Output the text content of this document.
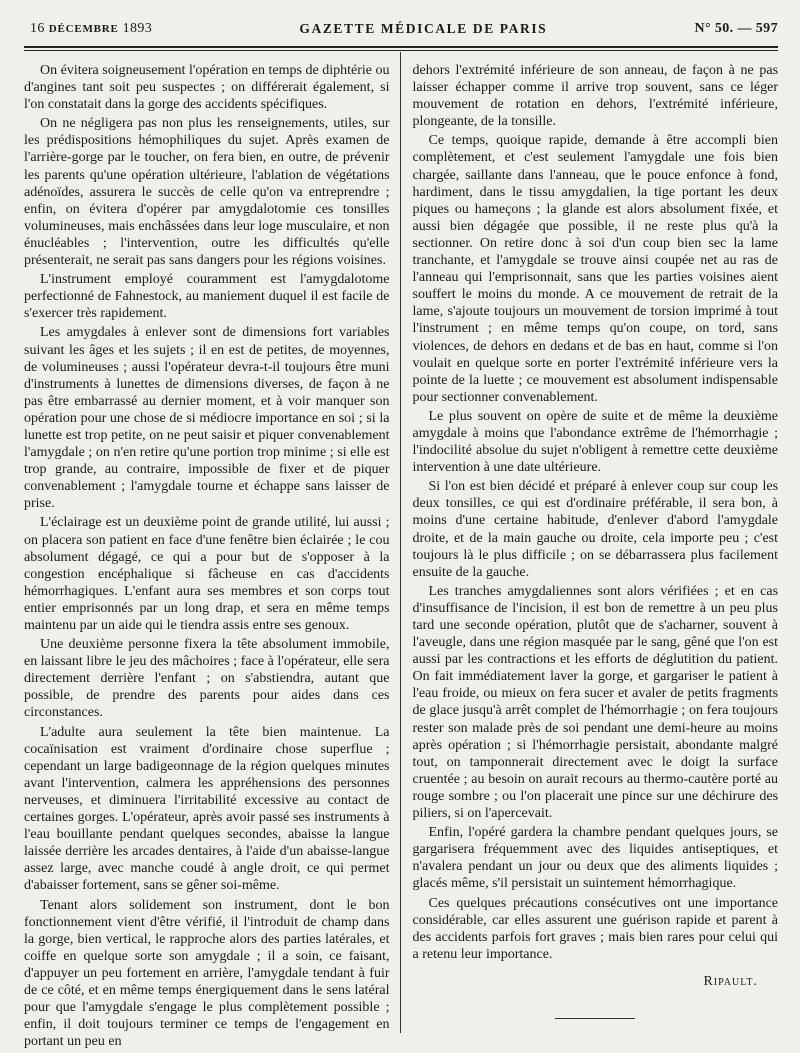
16 DÉCEMBRE 1893	GAZETTE MÉDICALE DE PARIS	N° 50. — 597

On évitera soigneusement l'opération en temps de diphtérie ou d'angines tant soit peu suspectes ; on différerait également, si l'on constatait dans la gorge des accidents spécifiques.

On ne négligera pas non plus les renseignements, utiles, sur les prédispositions hémophiliques du sujet. Après examen de l'arrière-gorge par le toucher, on fera bien, en outre, de prévenir les parents qu'une opération ultérieure, l'ablation de végétations adénoïdes, assurera le succès de celle qu'on va entreprendre ; enfin, on évitera d'opérer par amygdalotomie ces tonsilles volumineuses, mais enchâssées dans leur loge musculaire, et non énucléables ; l'intervention, outre les difficultés qu'elle présenterait, ne serait pas sans dangers pour les régions voisines.

L'instrument employé couramment est l'amygdalotome perfectionné de Fahnestock, au maniement duquel il est facile de s'exercer très rapidement.

Les amygdales à enlever sont de dimensions fort variables suivant les âges et les sujets ; il en est de petites, de moyennes, de volumineuses ; aussi l'opérateur devra-t-il toujours être muni d'instruments à lunettes de dimensions diverses, de façon à ne pas être embarrassé au dernier moment, et à voir manquer son opération pour une chose de si médiocre importance en soi ; si la lunette est trop petite, on ne peut saisir et piquer convenablement l'amygdale ; on n'en retire qu'une portion trop minime ; si elle est trop grande, au contraire, impossible de fixer et de piquer convenablement ; l'amygdale tourne et échappe sans laisser de prise.

L'éclairage est un deuxième point de grande utilité, lui aussi ; on placera son patient en face d'une fenêtre bien éclairée ; le cou absolument dégagé, ce qui a pour but de s'opposer à la congestion encéphalique si fâcheuse en cas d'accidents hémorrhagiques. L'enfant aura ses membres et son corps tout entier emprisonnés par un long drap, et sera en même temps maintenu par un aide qui le tiendra assis entre ses genoux.

Une deuxième personne fixera la tête absolument immobile, en laissant libre le jeu des mâchoires ; face à l'opérateur, elle sera directement derrière l'enfant ; on s'abstiendra, autant que possible, de prendre des parents pour aides dans ces circonstances.

L'adulte aura seulement la tête bien maintenue. La cocaïnisation est vraiment d'ordinaire chose superflue ; cependant un large badigeonnage de la région quelques minutes avant l'intervention, calmera les appréhensions des personnes nerveuses, et diminuera l'irritabilité excessive au contact de certaines gorges. L'opérateur, après avoir passé ses instruments à l'eau bouillante pendant quelques secondes, abaisse la langue laissée derrière les arcades dentaires, à l'aide d'un abaisse-langue assez large, avec manche coudé à angle droit, ce qui permet d'abaisser fortement, sans se gêner soi-même.

Tenant alors solidement son instrument, dont le bon fonctionnement vient d'être vérifié, il l'introduit de champ dans la gorge, bien vertical, le rapproche alors des parties latérales, et coiffe en quelque sorte son amygdale ; il a soin, ce faisant, d'appuyer un peu fortement en arrière, l'amygdale tendant à fuir de ce côté, et en même temps énergiquement dans le sens latéral pour que l'amygdale s'engage le plus complètement possible ; enfin, il doit toujours terminer ce temps de l'engagement en portant un peu en

dehors l'extrémité inférieure de son anneau, de façon à ne pas laisser échapper comme il arrive trop souvent, sans ce léger mouvement de rotation en dehors, l'extrémité inférieure, plongeante, de la tonsille.

Ce temps, quoique rapide, demande à être accompli bien complètement, et c'est seulement l'amygdale une fois bien chargée, saillante dans l'anneau, que le pouce enfonce à fond, hardiment, dans le tissu amygdalien, la tige portant les deux piques ou hameçons ; la glande est alors absolument fixée, et aussi bien dégagée que possible, il ne reste plus qu'à la sectionner. On retire donc à soi d'un coup bien sec la lame tranchante, et l'amygdale se trouve ainsi coupée net au ras de l'anneau qui l'emprisonnait, sans que les parties voisines aient souffert le moins du monde. A ce mouvement de retrait de la lame, s'ajoute toujours un mouvement de torsion imprimé à tout l'instrument ; en même temps qu'on coupe, on tord, sans violences, de dehors en dedans et de bas en haut, comme si l'on voulait en quelque sorte en porter l'extrémité inférieure vers la pointe de la luette ; ce mouvement est absolument indispensable pour sectionner convenablement.

Le plus souvent on opère de suite et de même la deuxième amygdale à moins que l'abondance extrême de l'hémorrhagie ; l'indocilité absolue du sujet n'obligent à remettre cette deuxième intervention à une date ultérieure.

Si l'on est bien décidé et préparé à enlever coup sur coup les deux tonsilles, ce qui est d'ordinaire préférable, il sera bon, à moins d'une certaine habitude, d'enlever d'abord l'amygdale droite, et de la main gauche ou droite, cela importe peu ; c'est toujours là le plus difficile ; on se débarrassera plus facilement ensuite de la gauche.

Les tranches amygdaliennes sont alors vérifiées ; et en cas d'insuffisance de l'incision, il est bon de remettre à un peu plus tard une seconde opération, plutôt que de s'acharner, souvent à l'aveugle, dans une région masquée par le sang, gêné que l'on est aussi par les contractions et les efforts de déglutition du patient. On fait immédiatement laver la gorge, et gargariser le patient à l'eau froide, ou mieux on fera sucer et avaler de petits fragments de glace jusqu'à arrêt complet de l'hémorrhagie ; on fera toujours rester son malade près de soi pendant une demi-heure au moins après opération ; si l'hémorrhagie persistait, abondante malgré tout, on tamponnerait directement avec le doigt la surface cruentée ; au besoin on aurait recours au thermo-cautère porté au rouge sombre ; ou l'on placerait une pince sur une déchirure des piliers, si on l'apercevait.

Enfin, l'opéré gardera la chambre pendant quelques jours, se gargarisera fréquemment avec des liquides antiseptiques, et n'avalera pendant un jour ou deux que des aliments liquides ; glacés même, s'il persistait un suintement hémorrhagique.

Ces quelques précautions consécutives ont une importance considérable, car elles assurent une guérison rapide et parent à des accidents parfois fort graves ; mais bien rares pour celui qui a retenu leur importance.

Ripault.
